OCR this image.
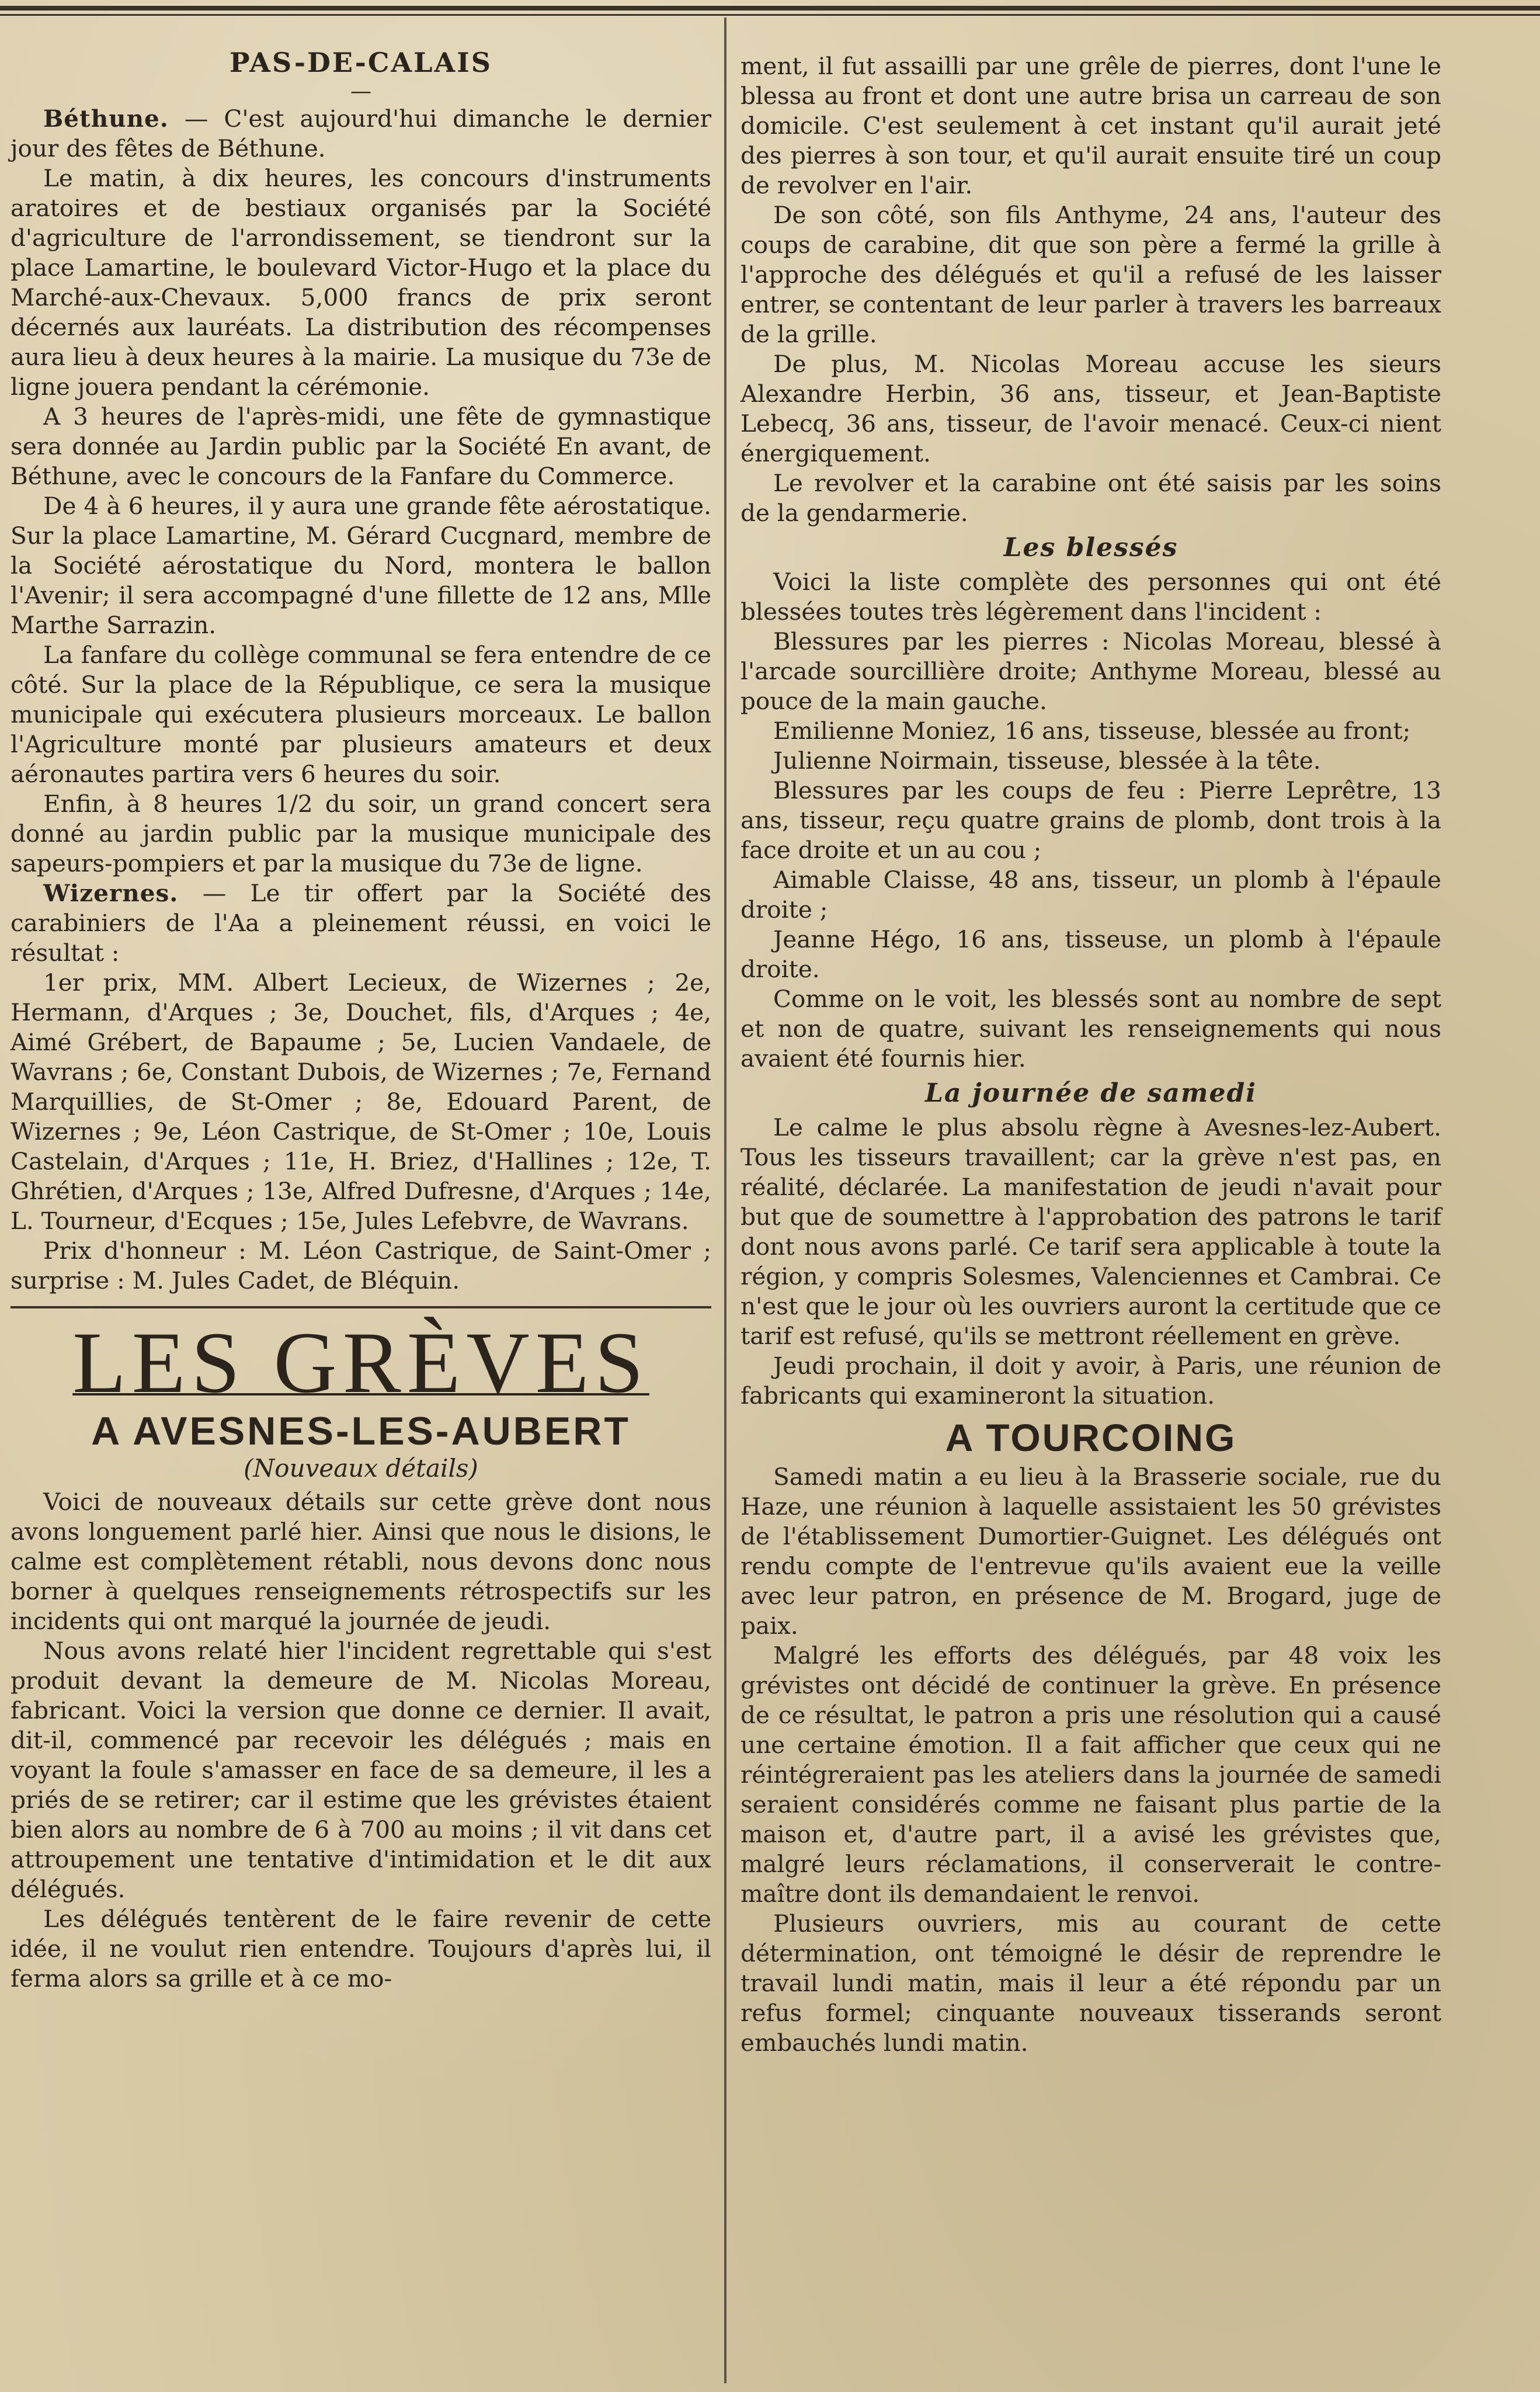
PAS-DE-CALAIS
—

Béthune. — C'est aujourd'hui dimanche le dernier jour des fêtes de Béthune.

Le matin, à dix heures, les concours d'instruments aratoires et de bestiaux organisés par la Société d'agriculture de l'arrondissement, se tiendront sur la place Lamartine, le boulevard Victor-Hugo et la place du Marché-aux-Chevaux. 5,000 francs de prix seront décernés aux lauréats. La distribution des récompenses aura lieu à deux heures à la mairie. La musique du 73e de ligne jouera pendant la cérémonie.

A 3 heures de l'après-midi, une fête de gymnastique sera donnée au Jardin public par la Société En avant, de Béthune, avec le concours de la Fanfare du Commerce.

De 4 à 6 heures, il y aura une grande fête aérostatique. Sur la place Lamartine, M. Gérard Cucgnard, membre de la Société aérostatique du Nord, montera le ballon l'Avenir; il sera accompagné d'une fillette de 12 ans, Mlle Marthe Sarrazin.

La fanfare du collège communal se fera entendre de ce côté. Sur la place de la République, ce sera la musique municipale qui exécutera plusieurs morceaux. Le ballon l'Agriculture monté par plusieurs amateurs et deux aéronautes partira vers 6 heures du soir.

Enfin, à 8 heures 1/2 du soir, un grand concert sera donné au jardin public par la musique municipale des sapeurs-pompiers et par la musique du 73e de ligne.

Wizernes. — Le tir offert par la Société des carabiniers de l'Aa a pleinement réussi, en voici le résultat :

1er prix, MM. Albert Lecieux, de Wizernes ; 2e, Hermann, d'Arques ; 3e, Douchet, fils, d'Arques ; 4e, Aimé Grébert, de Bapaume ; 5e, Lucien Vandaele, de Wavrans ; 6e, Constant Dubois, de Wizernes ; 7e, Fernand Marquillies, de St-Omer ; 8e, Edouard Parent, de Wizernes ; 9e, Léon Castrique, de St-Omer ; 10e, Louis Castelain, d'Arques ; 11e, H. Briez, d'Hallines ; 12e, T. Ghrétien, d'Arques ; 13e, Alfred Dufresne, d'Arques ; 14e, L. Tourneur, d'Ecques ; 15e, Jules Lefebvre, de Wavrans.

Prix d'honneur : M. Léon Castrique, de Saint-Omer ; surprise : M. Jules Cadet, de Bléquin.

LES GRÈVES
A AVESNES-LES-AUBERT
(Nouveaux détails)

Voici de nouveaux détails sur cette grève dont nous avons longuement parlé hier. Ainsi que nous le disions, le calme est complètement rétabli, nous devons donc nous borner à quelques renseignements rétrospectifs sur les incidents qui ont marqué la journée de jeudi.

Nous avons relaté hier l'incident regrettable qui s'est produit devant la demeure de M. Nicolas Moreau, fabricant. Voici la version que donne ce dernier. Il avait, dit-il, commencé par recevoir les délégués ; mais en voyant la foule s'amasser en face de sa demeure, il les a priés de se retirer; car il estime que les grévistes étaient bien alors au nombre de 6 à 700 au moins ; il vit dans cet attroupement une tentative d'intimidation et le dit aux délégués.

Les délégués tentèrent de le faire revenir de cette idée, il ne voulut rien entendre. Toujours d'après lui, il ferma alors sa grille et à ce mo-

ment, il fut assailli par une grêle de pierres, dont l'une le blessa au front et dont une autre brisa un carreau de son domicile. C'est seulement à cet instant qu'il aurait jeté des pierres à son tour, et qu'il aurait ensuite tiré un coup de revolver en l'air.

De son côté, son fils Anthyme, 24 ans, l'auteur des coups de carabine, dit que son père a fermé la grille à l'approche des délégués et qu'il a refusé de les laisser entrer, se contentant de leur parler à travers les barreaux de la grille.

De plus, M. Nicolas Moreau accuse les sieurs Alexandre Herbin, 36 ans, tisseur, et Jean-Baptiste Lebecq, 36 ans, tisseur, de l'avoir menacé. Ceux-ci nient énergiquement.

Le revolver et la carabine ont été saisis par les soins de la gendarmerie.

Les blessés

Voici la liste complète des personnes qui ont été blessées toutes très légèrement dans l'incident :

Blessures par les pierres : Nicolas Moreau, blessé à l'arcade sourcillière droite; Anthyme Moreau, blessé au pouce de la main gauche.

Emilienne Moniez, 16 ans, tisseuse, blessée au front;

Julienne Noirmain, tisseuse, blessée à la tête.

Blessures par les coups de feu : Pierre Leprêtre, 13 ans, tisseur, reçu quatre grains de plomb, dont trois à la face droite et un au cou ;

Aimable Claisse, 48 ans, tisseur, un plomb à l'épaule droite ;

Jeanne Hégo, 16 ans, tisseuse, un plomb à l'épaule droite.

Comme on le voit, les blessés sont au nombre de sept et non de quatre, suivant les renseignements qui nous avaient été fournis hier.

La journée de samedi

Le calme le plus absolu règne à Avesnes-lez-Aubert. Tous les tisseurs travaillent; car la grève n'est pas, en réalité, déclarée. La manifestation de jeudi n'avait pour but que de soumettre à l'approbation des patrons le tarif dont nous avons parlé. Ce tarif sera applicable à toute la région, y compris Solesmes, Valenciennes et Cambrai. Ce n'est que le jour où les ouvriers auront la certitude que ce tarif est refusé, qu'ils se mettront réellement en grève.

Jeudi prochain, il doit y avoir, à Paris, une réunion de fabricants qui examineront la situation.

A TOURCOING

Samedi matin a eu lieu à la Brasserie sociale, rue du Haze, une réunion à laquelle assistaient les 50 grévistes de l'établissement Dumortier-Guignet. Les délégués ont rendu compte de l'entrevue qu'ils avaient eue la veille avec leur patron, en présence de M. Brogard, juge de paix.

Malgré les efforts des délégués, par 48 voix les grévistes ont décidé de continuer la grève. En présence de ce résultat, le patron a pris une résolution qui a causé une certaine émotion. Il a fait afficher que ceux qui ne réintégreraient pas les ateliers dans la journée de samedi seraient considérés comme ne faisant plus partie de la maison et, d'autre part, il a avisé les grévistes que, malgré leurs réclamations, il conserverait le contre-maître dont ils demandaient le renvoi.

Plusieurs ouvriers, mis au courant de cette détermination, ont témoigné le désir de reprendre le travail lundi matin, mais il leur a été répondu par un refus formel; cinquante nouveaux tisserands seront embauchés lundi matin.
